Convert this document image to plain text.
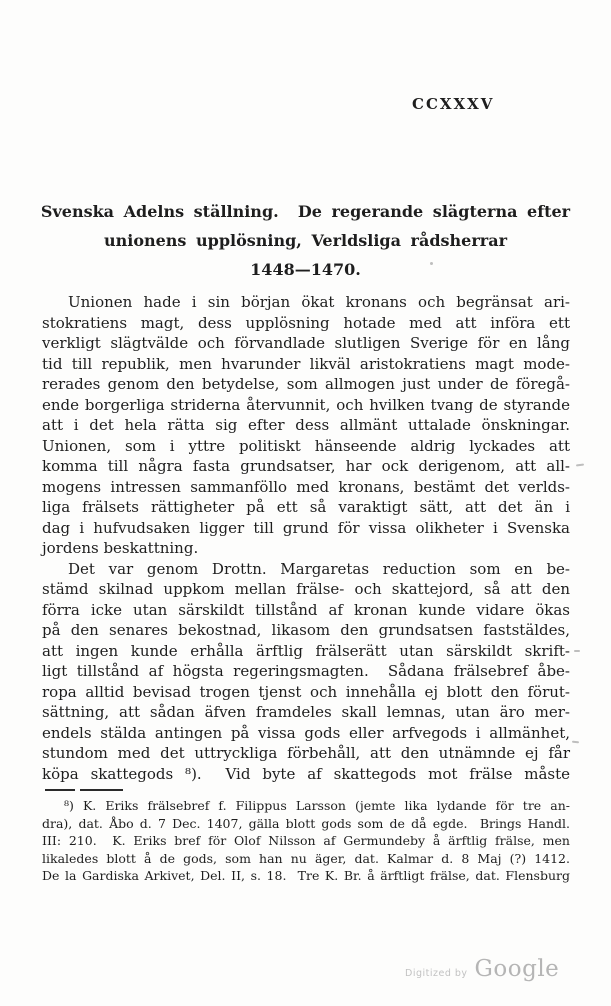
CCXXXV
Svenska Adelns ställning.  De regerande slägterna efter
unionens upplösning, Verldsliga rådsherrar
1448—1470.
Unionen hade i sin början ökat kronans och begränsat ari-
stokratiens magt, dess upplösning hotade med att införa ett
verkligt slägtvälde och förvandlade slutligen Sverige för en lång
tid till republik, men hvarunder likväl aristokratiens magt mode-
rerades genom den betydelse, som allmogen just under de föregå-
ende borgerliga striderna återvunnit, och hvilken tvang de styrande
att i det hela rätta sig efter dess allmänt uttalade önskningar.
Unionen, som i yttre politiskt hänseende aldrig lyckades att
komma till några fasta grundsatser, har ock derigenom, att all-
mogens intressen sammanföllo med kronans, bestämt det verlds-
liga frälsets rättigheter på ett så varaktigt sätt, att det än i
dag i hufvudsaken ligger till grund för vissa olikheter i Svenska
jordens beskattning.
Det var genom Drottn. Margaretas reduction som en be-
stämd skilnad uppkom mellan frälse- och skattejord, så att den
förra icke utan särskildt tillstånd af kronan kunde vidare ökas
på den senares bekostnad, likasom den grundsatsen faststäldes,
att ingen kunde erhålla ärftlig frälserätt utan särskildt skrift-
ligt tillstånd af högsta regeringsmagten.  Sådana frälsebref åbe-
ropa alltid bevisad trogen tjenst och innehålla ej blott den förut-
sättning, att sådan äfven framdeles skall lemnas, utan äro mer-
endels stälda antingen på vissa gods eller arfvegods i allmänhet,
stundom med det uttryckliga förbehåll, att den utnämnde ej får
köpa skattegods ⁸).  Vid byte af skattegods mot frälse måste
⁸) K. Eriks frälsebref f. Filippus Larsson (jemte lika lydande för tre an-
dra), dat. Åbo d. 7 Dec. 1407, gälla blott gods som de då egde.  Brings Handl.
III: 210.  K. Eriks bref för Olof Nilsson af Germundeby å ärftlig frälse, men
likaledes blott å de gods, som han nu äger, dat. Kalmar d. 8 Maj (?) 1412.
De la Gardiska Arkivet, Del. II, s. 18.  Tre K. Br. å ärftligt frälse, dat. Flensburg
Digitized by Google
